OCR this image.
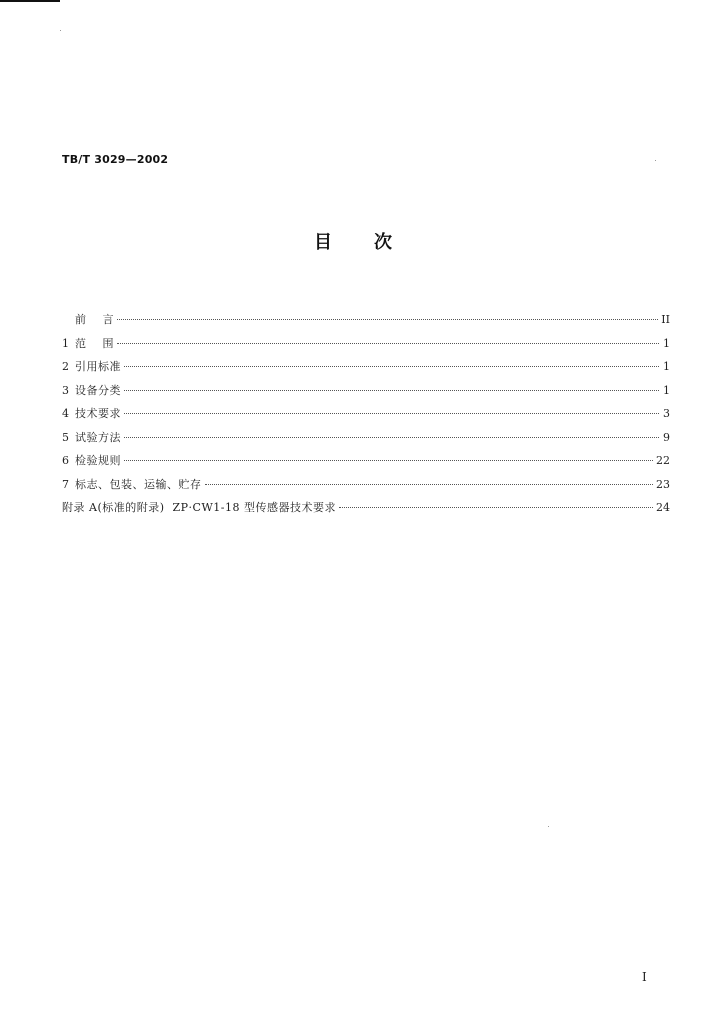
TB/T 3029—2002
目 次
前    言	II
1 范    围	1
2 引用标准	1
3 设备分类	1
4 技术要求	3
5 试验方法	9
6 检验规则	22
7 标志、包装、运输、贮存	23
附录 A(标准的附录)  ZP·CW1-18 型传感器技术要求	24
I
